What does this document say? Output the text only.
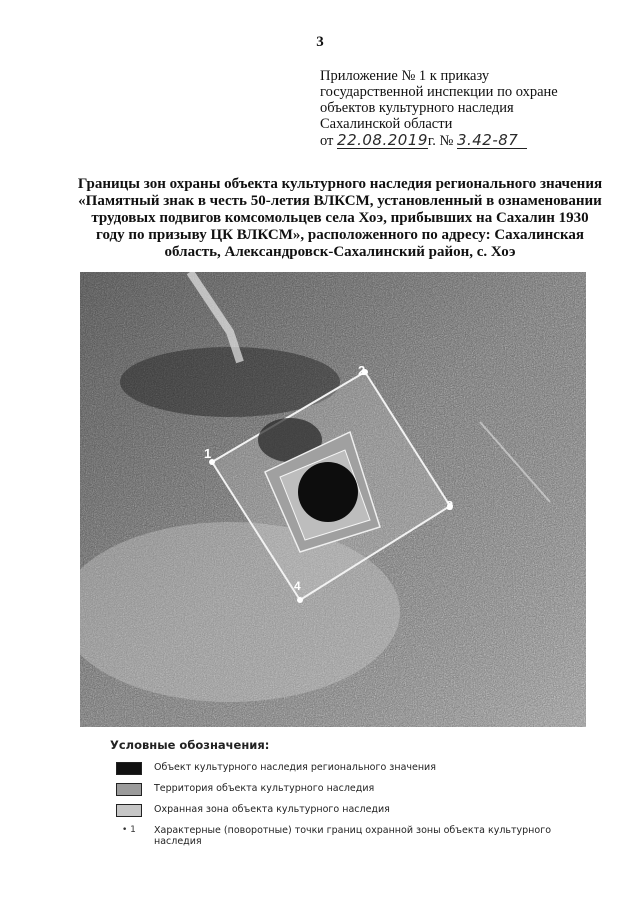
3
Приложение № 1 к приказу
государственной инспекции по охране
объектов культурного наследия
Сахалинской области
от 22.08.2019г. № 3.42-87
Границы зон охраны объекта культурного наследия регионального значения «Памятный знак в честь 50-летия ВЛКСМ, установленный в ознаменовании трудовых подвигов комсомольцев села Хоэ, прибывших на Сахалин 1930 году по призыву ЦК ВЛКСМ», расположенного по адресу: Сахалинская область, Александровск-Сахалинский район, с. Хоэ
1
2
3
4
Условные обозначения:
Объект культурного наследия регионального значения
Территория объекта культурного наследия
Охранная зона объекта культурного наследия
• 1 Характерные (поворотные) точки границ охранной зоны объекта культурного наследия
